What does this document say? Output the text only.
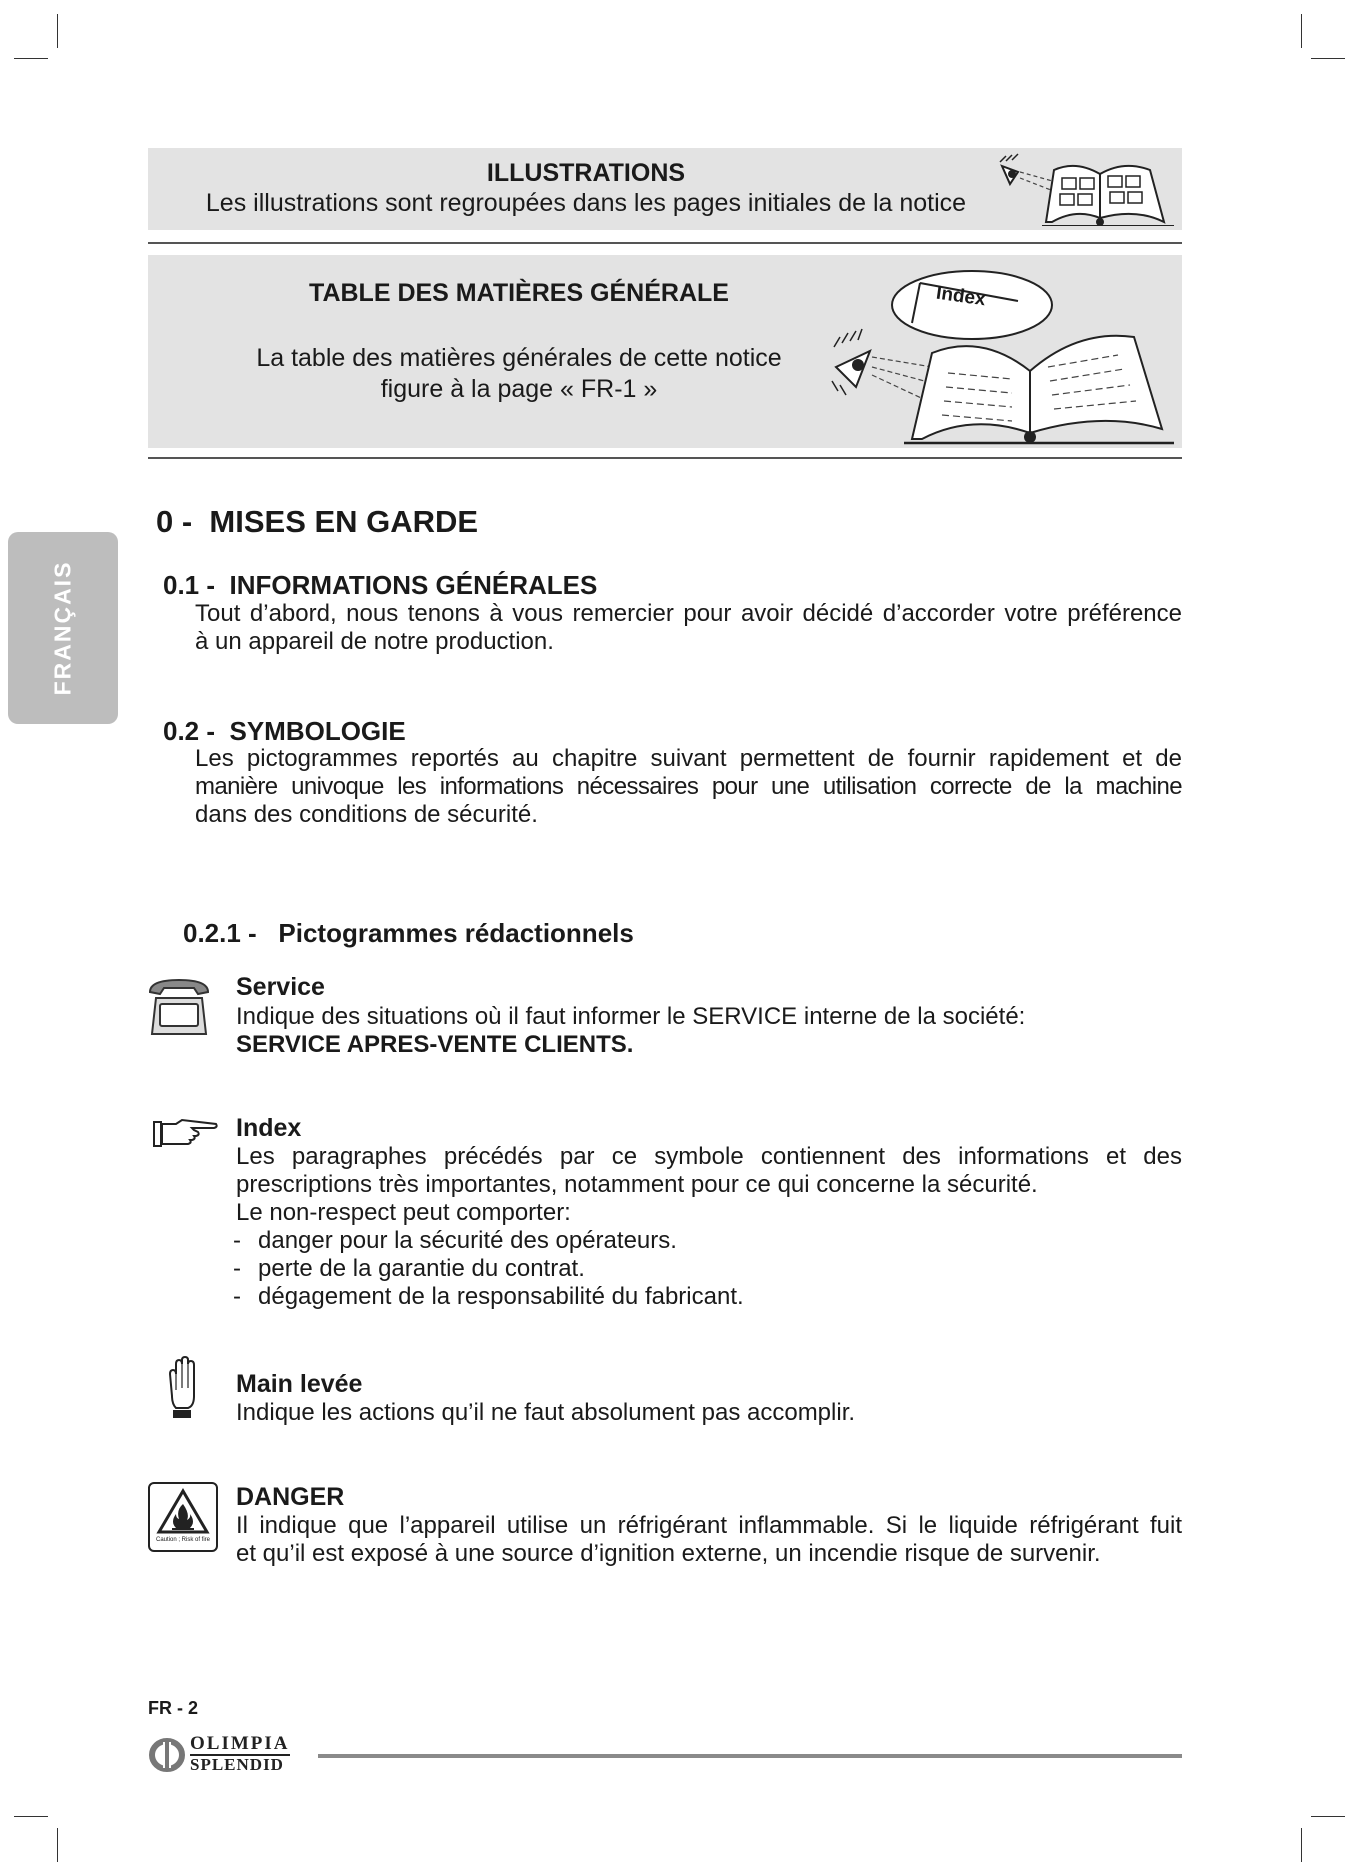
FRANÇAIS
ILLUSTRATIONS
Les illustrations sont regroupées dans les pages initiales de la notice
TABLE DES MATIÈRES GÉNÉRALE
La table des matières générales de cette notice
figure à la page « FR-1 »
Index
0 -  MISES EN GARDE
0.1 -  INFORMATIONS GÉNÉRALES
Tout d’abord, nous tenons à vous remercier pour avoir décidé d’accorder votre préférence
à un appareil de notre production.
0.2 -  SYMBOLOGIE
Les pictogrammes reportés au chapitre suivant permettent de fournir rapidement et de
manière univoque les informations nécessaires pour une utilisation correcte de la machine
dans des conditions de sécurité.
0.2.1 -   Pictogrammes rédactionnels
Service
Indique des situations où il faut informer le SERVICE interne de la société:
SERVICE APRES-VENTE CLIENTS.
Index
Les paragraphes précédés par ce symbole contiennent des informations et des
prescriptions très importantes, notamment pour ce qui concerne la sécurité.
Le non-respect peut comporter:
- danger pour la sécurité des opérateurs.
- perte de la garantie du contrat.
- dégagement de la responsabilité du fabricant.
Main levée
Indique les actions qu’il ne faut absolument pas accomplir.
Caution ; Risk of fire
DANGER
Il indique que l’appareil utilise un réfrigérant inflammable. Si le liquide réfrigérant fuit
et qu’il est exposé à une source d’ignition externe, un incendie risque de survenir.
FR - 2
OLIMPIA
SPLENDID
